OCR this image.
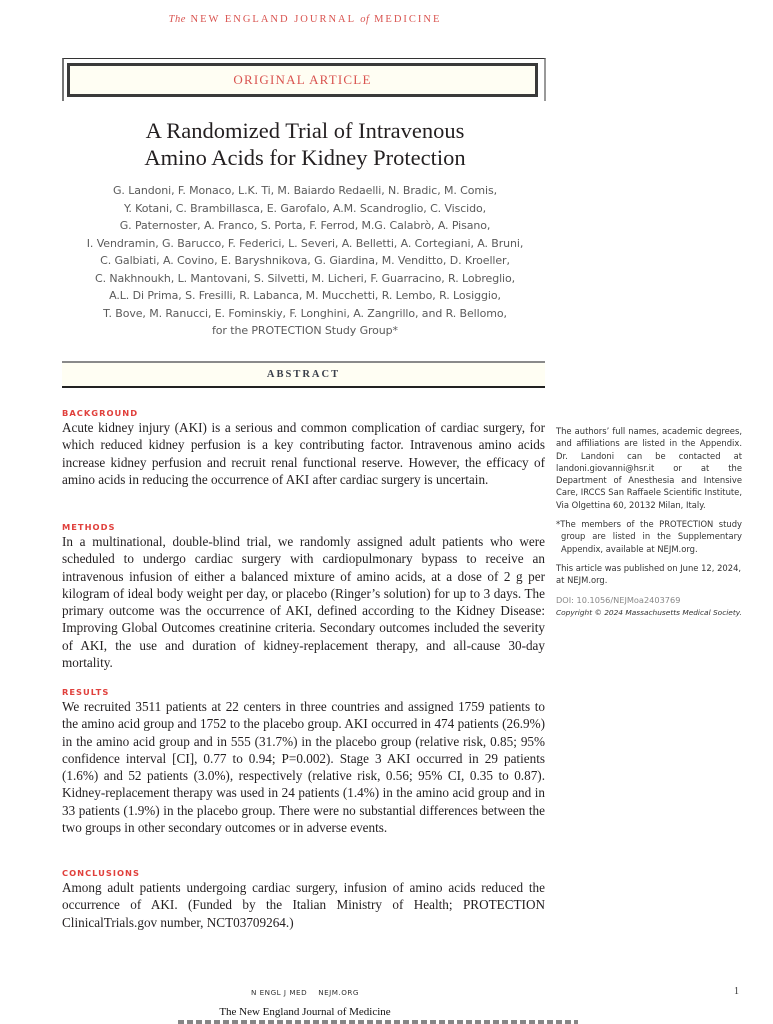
The NEW ENGLAND JOURNAL of MEDICINE
ORIGINAL ARTICLE
A Randomized Trial of Intravenous
Amino Acids for Kidney Protection
G. Landoni, F. Monaco, L.K. Ti, M. Baiardo Redaelli, N. Bradic, M. Comis,
Y. Kotani, C. Brambillasca, E. Garofalo, A.M. Scandroglio, C. Viscido,
G. Paternoster, A. Franco, S. Porta, F. Ferrod, M.G. Calabrò, A. Pisano,
I. Vendramin, G. Barucco, F. Federici, L. Severi, A. Belletti, A. Cortegiani, A. Bruni,
C. Galbiati, A. Covino, E. Baryshnikova, G. Giardina, M. Venditto, D. Kroeller,
C. Nakhnoukh, L. Mantovani, S. Silvetti, M. Licheri, F. Guarracino, R. Lobreglio,
A.L. Di Prima, S. Fresilli, R. Labanca, M. Mucchetti, R. Lembo, R. Losiggio,
T. Bove, M. Ranucci, E. Fominskiy, F. Longhini, A. Zangrillo, and R. Bellomo,
for the PROTECTION Study Group*
ABSTRACT
BACKGROUND

Acute kidney injury (AKI) is a serious and common complication of cardiac surgery, for which reduced kidney perfusion is a key contributing factor. Intravenous amino acids increase kidney perfusion and recruit renal functional reserve. However, the efficacy of amino acids in reducing the occurrence of AKI after cardiac surgery is uncertain.

METHODS

In a multinational, double-blind trial, we randomly assigned adult patients who were scheduled to undergo cardiac surgery with cardiopulmonary bypass to receive an intravenous infusion of either a balanced mixture of amino acids, at a dose of 2 g per kilogram of ideal body weight per day, or placebo (Ringer’s solution) for up to 3 days. The primary outcome was the occurrence of AKI, defined according to the Kidney Disease: Improving Global Outcomes creatinine criteria. Secondary outcomes included the severity of AKI, the use and duration of kidney-replacement therapy, and all-cause 30-day mortality.

RESULTS

We recruited 3511 patients at 22 centers in three countries and assigned 1759 patients to the amino acid group and 1752 to the placebo group. AKI occurred in 474 patients (26.9%) in the amino acid group and in 555 (31.7%) in the placebo group (relative risk, 0.85; 95% confidence interval [CI], 0.77 to 0.94; P=0.002). Stage 3 AKI occurred in 29 patients (1.6%) and 52 patients (3.0%), respectively (relative risk, 0.56; 95% CI, 0.35 to 0.87). Kidney-replacement therapy was used in 24 patients (1.4%) in the amino acid group and in 33 patients (1.9%) in the placebo group. There were no substantial differences between the two groups in other secondary outcomes or in adverse events.

CONCLUSIONS

Among adult patients undergoing cardiac surgery, infusion of amino acids reduced the occurrence of AKI. (Funded by the Italian Ministry of Health; PROTECTION ClinicalTrials.gov number, NCT03709264.)

The authors’ full names, academic degrees, and affiliations are listed in the Appendix. Dr. Landoni can be contacted at landoni.giovanni@hsr.it or at the Department of Anesthesia and Intensive Care, IRCCS San Raffaele Scientific Institute, Via Olgettina 60, 20132 Milan, Italy.

*The members of the PROTECTION study group are listed in the Supplementary Appendix, available at NEJM.org.

This article was published on June 12, 2024, at NEJM.org.

DOI: 10.1056/NEJMoa2403769

Copyright © 2024 Massachusetts Medical Society.

N ENGL J MED    NEJM.ORG	1
The New England Journal of Medicine
